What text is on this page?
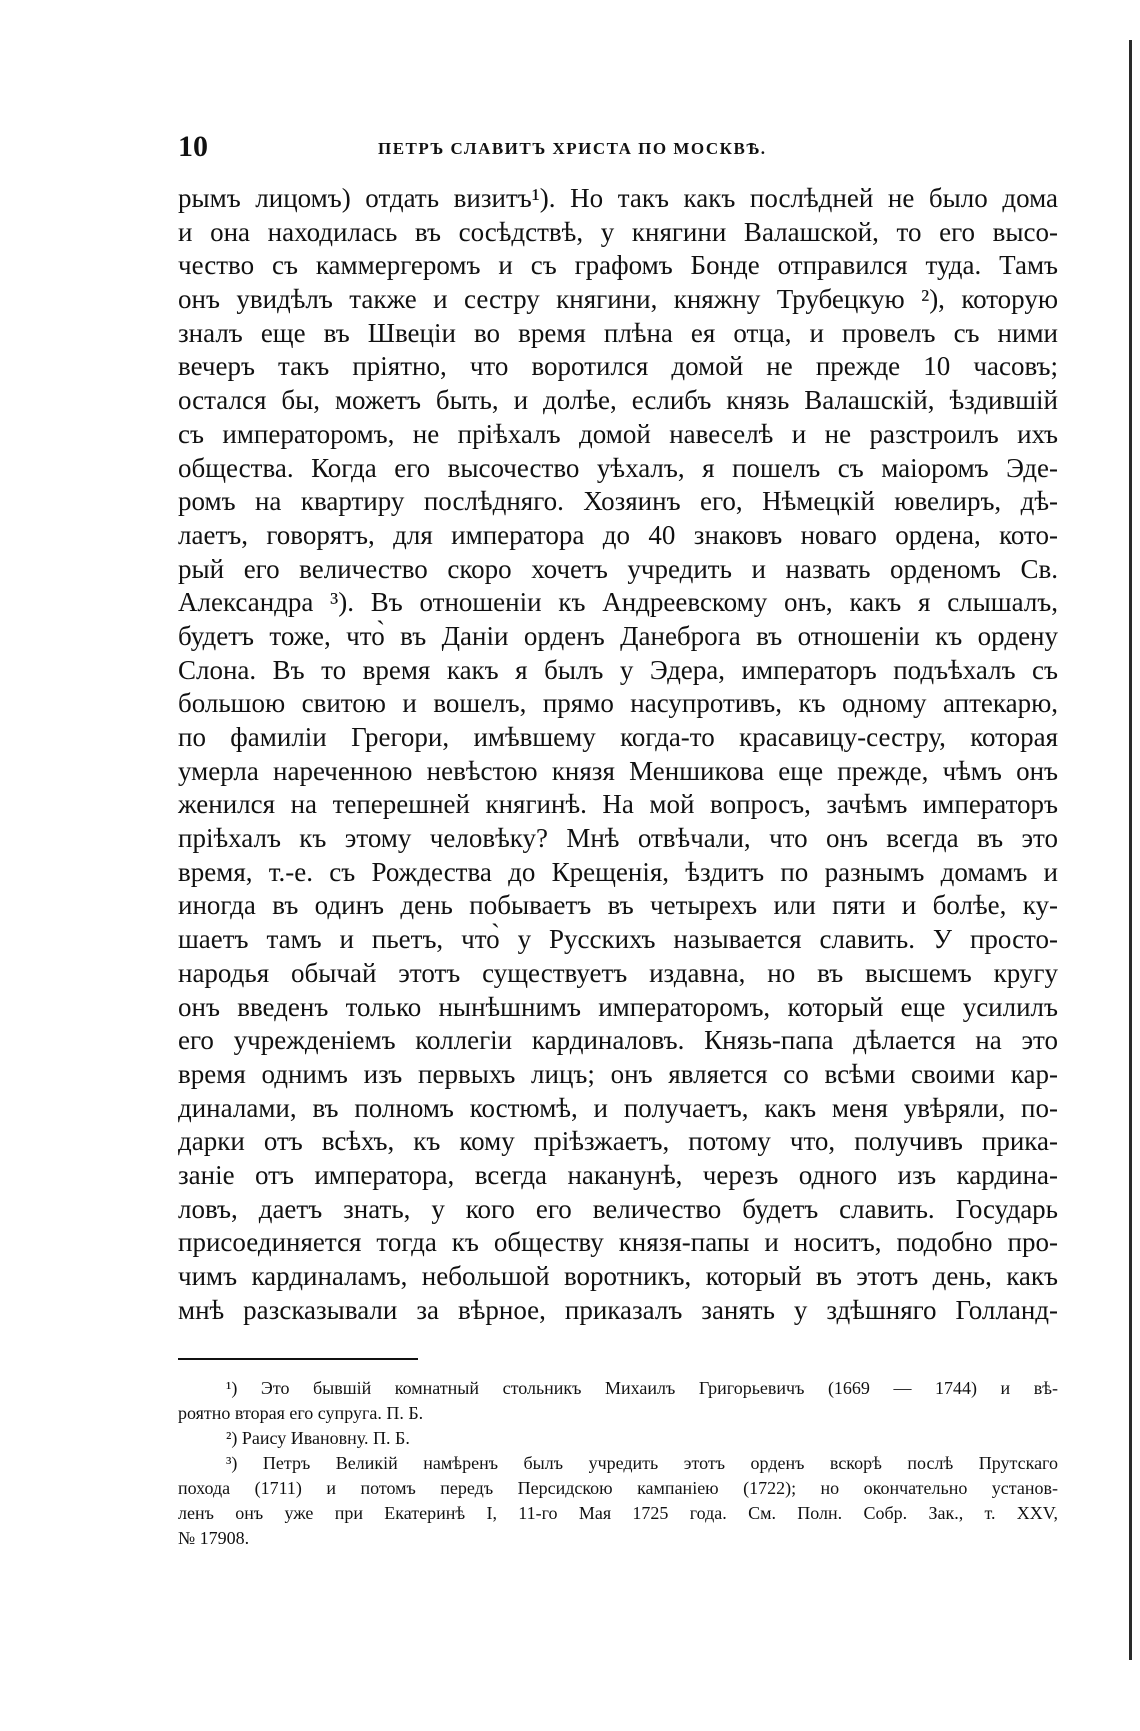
10	ПЕТРЪ СЛАВИТЪ ХРИСТА ПО МОСКВѢ.
рымъ лицомъ) отдать визитъ¹). Но такъ какъ послѣдней не было дома
и она находилась въ сосѣдствѣ, у княгини Валашской, то его высо-
чество съ каммергеромъ и съ графомъ Бонде отправился туда. Тамъ
онъ увидѣлъ также и сестру княгини, княжну Трубецкую ²), которую
зналъ еще въ Швеціи во время плѣна ея отца, и провелъ съ ними
вечеръ такъ пріятно, что воротился домой не прежде 10 часовъ;
остался бы, можетъ быть, и долѣе, еслибъ князь Валашскій, ѣздившій
съ императоромъ, не пріѣхалъ домой навеселѣ и не разстроилъ ихъ
общества. Когда его высочество уѣхалъ, я пошелъ съ маіоромъ Эде-
ромъ на квартиру послѣдняго. Хозяинъ его, Нѣмецкій ювелиръ, дѣ-
лаетъ, говорятъ, для императора до 40 знаковъ новаго ордена, кото-
рый его величество скоро хочетъ учредить и назвать орденомъ Св.
Александра ³). Въ отношеніи къ Андреевскому онъ, какъ я слышалъ,
будетъ тоже, что̀ въ Даніи орденъ Данеброга въ отношеніи къ ордену
Слона. Въ то время какъ я былъ у Эдера, императоръ подъѣхалъ съ
большою свитою и вошелъ, прямо насупротивъ, къ одному аптекарю,
по фамиліи Грегори, имѣвшему когда-то красавицу-сестру, которая
умерла нареченною невѣстою князя Меншикова еще прежде, чѣмъ онъ
женился на теперешней княгинѣ. На мой вопросъ, зачѣмъ императоръ
пріѣхалъ къ этому человѣку? Мнѣ отвѣчали, что онъ всегда въ это
время, т.-е. съ Рождества до Крещенія, ѣздитъ по разнымъ домамъ и
иногда въ одинъ день побываетъ въ четырехъ или пяти и болѣе, ку-
шаетъ тамъ и пьетъ, что̀ у Русскихъ называется славить. У просто-
народья обычай этотъ существуетъ издавна, но въ высшемъ кругу
онъ введенъ только нынѣшнимъ императоромъ, который еще усилилъ
его учрежденіемъ коллегіи кардиналовъ. Князь-папа дѣлается на это
время однимъ изъ первыхъ лицъ; онъ является со всѣми своими кар-
диналами, въ полномъ костюмѣ, и получаетъ, какъ меня увѣряли, по-
дарки отъ всѣхъ, къ кому пріѣзжаетъ, потому что, получивъ прика-
заніе отъ императора, всегда наканунѣ, черезъ одного изъ кардина-
ловъ, даетъ знать, у кого его величество будетъ славить. Государь
присоединяется тогда къ обществу князя-папы и носитъ, подобно про-
чимъ кардиналамъ, небольшой воротникъ, который въ этотъ день, какъ
мнѣ разсказывали за вѣрное, приказалъ занять у здѣшняго Голланд-
¹) Это бывшій комнатный стольникъ Михаилъ Григорьевичъ (1669 — 1744) и вѣ-
роятно вторая его супруга. П. Б.
²) Раису Ивановну. П. Б.
³) Петръ Великій намѣренъ былъ учредить этотъ орденъ вскорѣ послѣ Прутскаго
похода (1711) и потомъ передъ Персидскою кампаніею (1722); но окончательно установ-
ленъ онъ уже при Екатеринѣ I, 11-го Мая 1725 года. См. Полн. Собр. Зак., т. XXV,
№ 17908.
